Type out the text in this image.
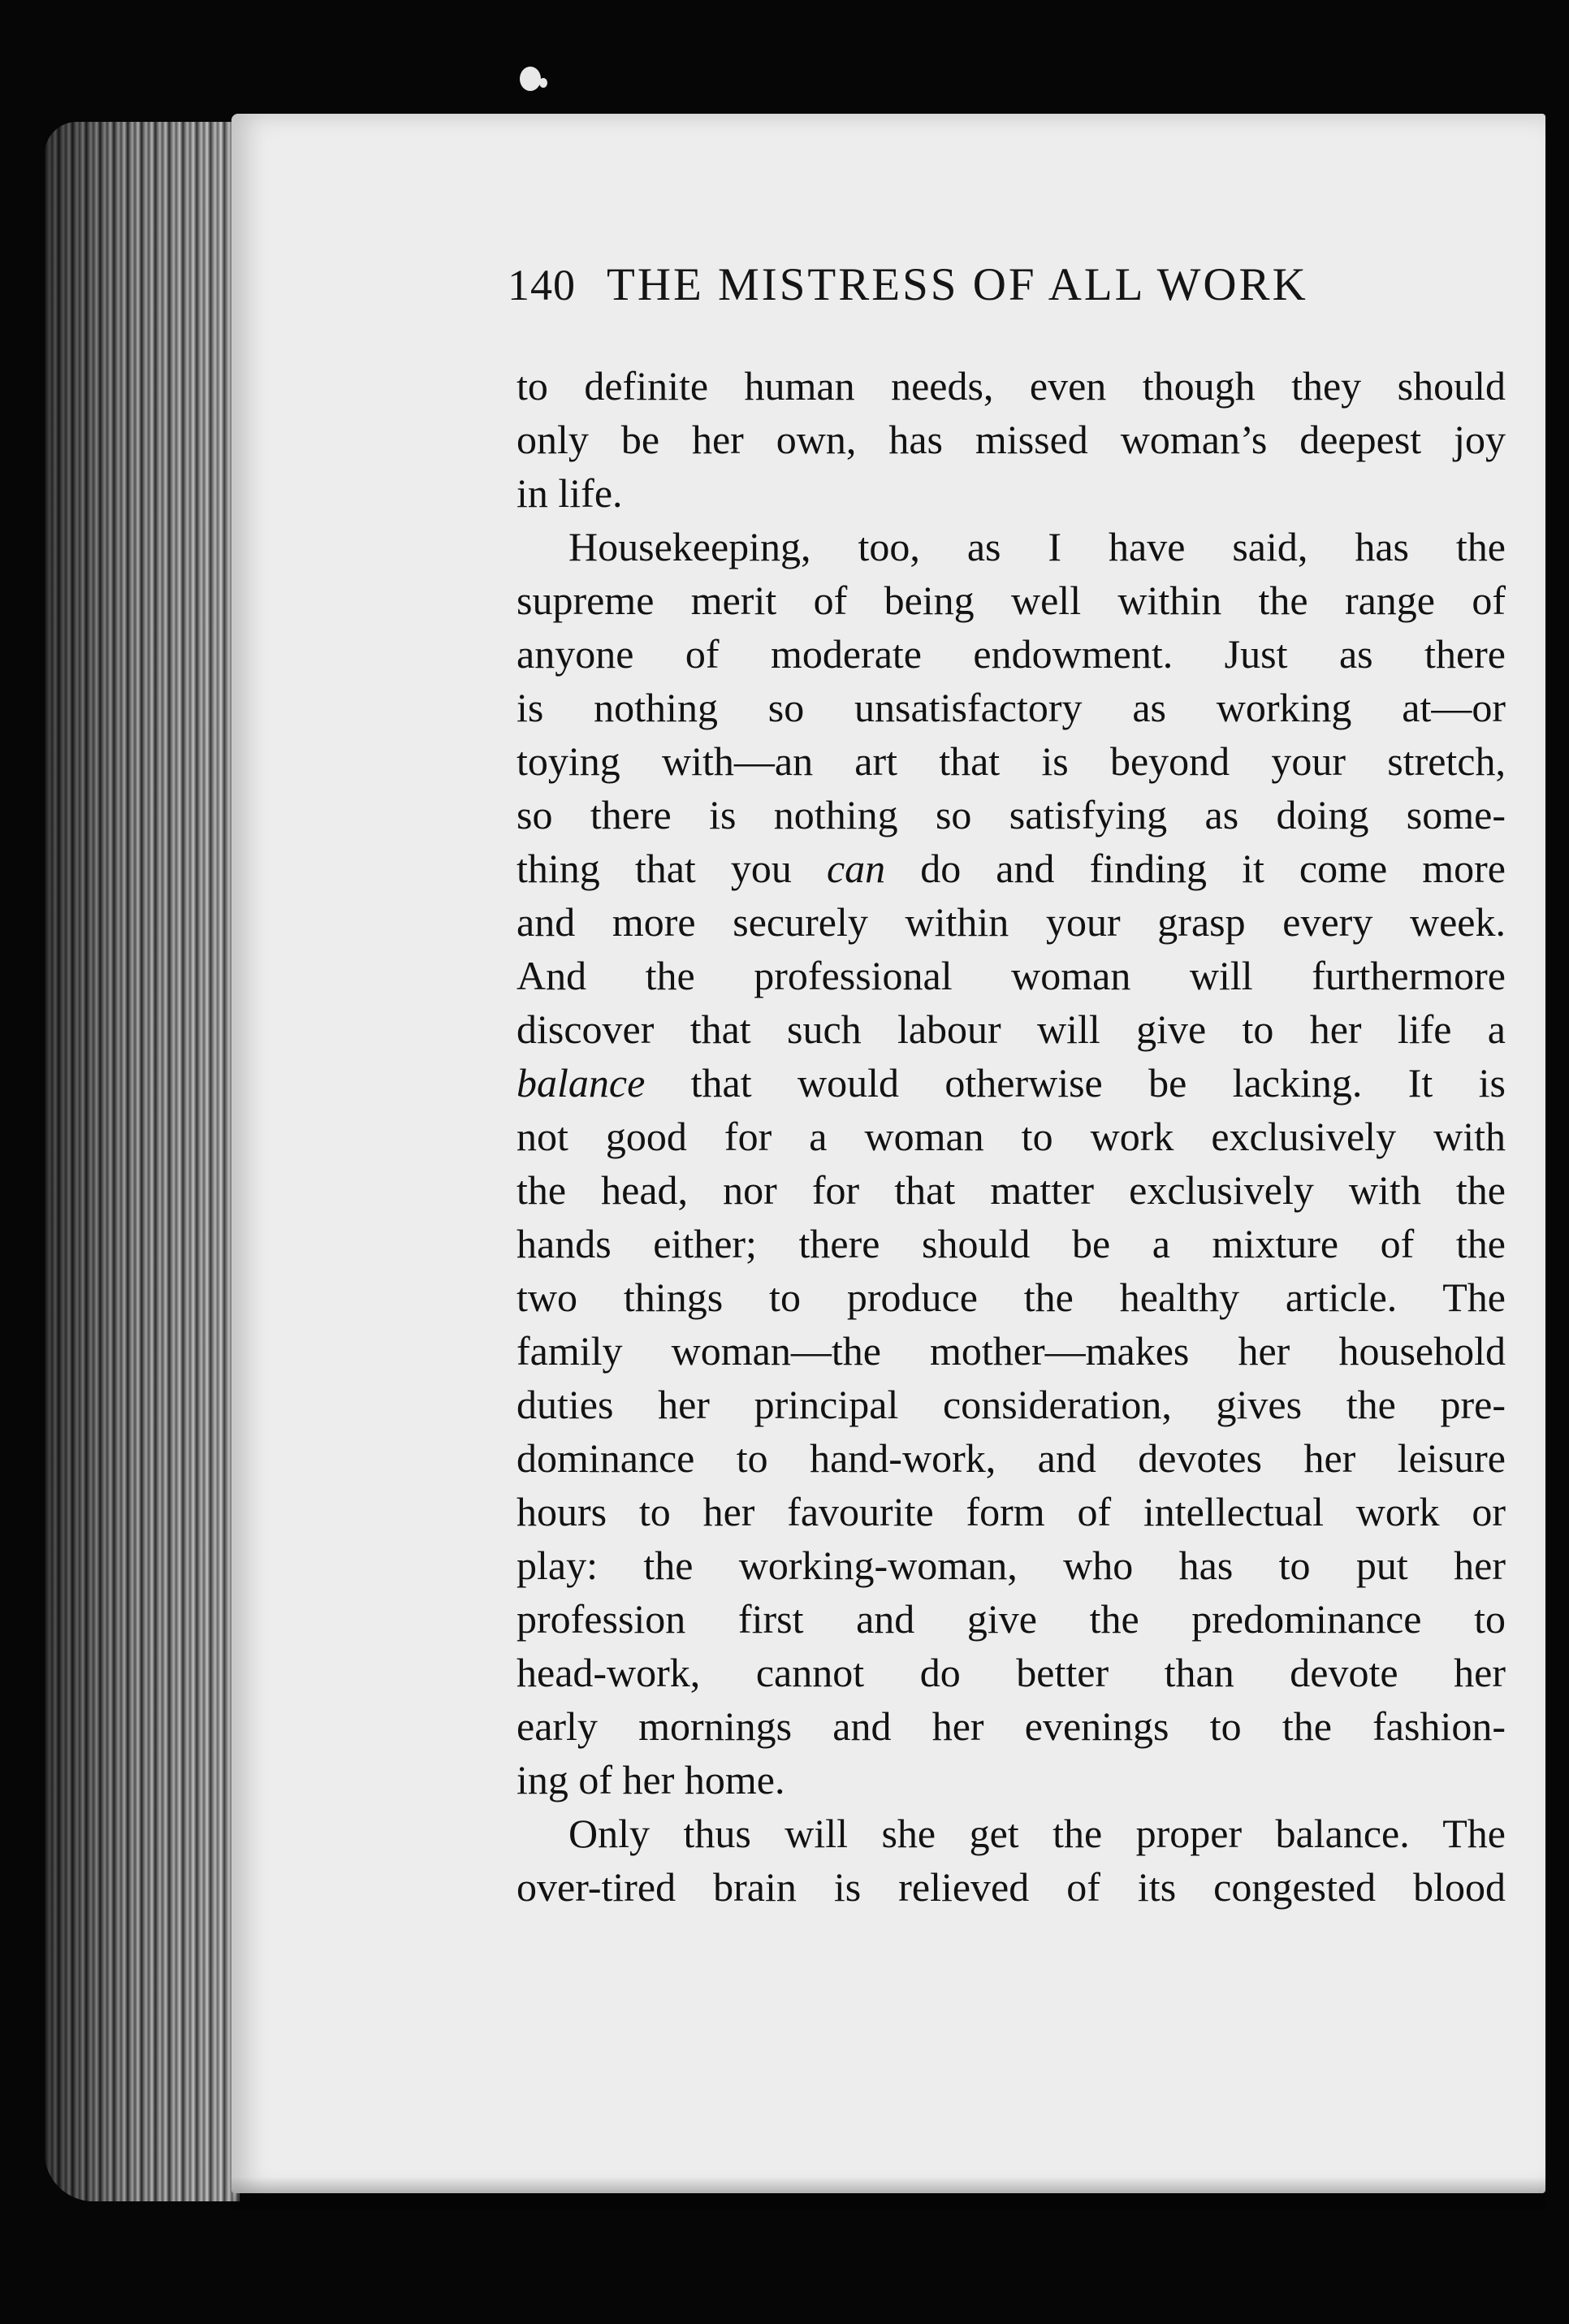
140 THE MISTRESS OF ALL WORK
to definite human needs, even though they should
only be her own, has missed woman’s deepest joy
in life.
Housekeeping, too, as I have said, has the
supreme merit of being well within the range of
anyone of moderate endowment. Just as there
is nothing so unsatisfactory as working at—or
toying with—an art that is beyond your stretch,
so there is nothing so satisfying as doing some-
thing that you can do and finding it come more
and more securely within your grasp every week.
And the professional woman will furthermore
discover that such labour will give to her life a
balance that would otherwise be lacking. It is
not good for a woman to work exclusively with
the head, nor for that matter exclusively with the
hands either; there should be a mixture of the
two things to produce the healthy article. The
family woman—the mother—makes her household
duties her principal consideration, gives the pre-
dominance to hand-work, and devotes her leisure
hours to her favourite form of intellectual work or
play: the working-woman, who has to put her
profession first and give the predominance to
head-work, cannot do better than devote her
early mornings and her evenings to the fashion-
ing of her home.
Only thus will she get the proper balance. The
over-tired brain is relieved of its congested blood
